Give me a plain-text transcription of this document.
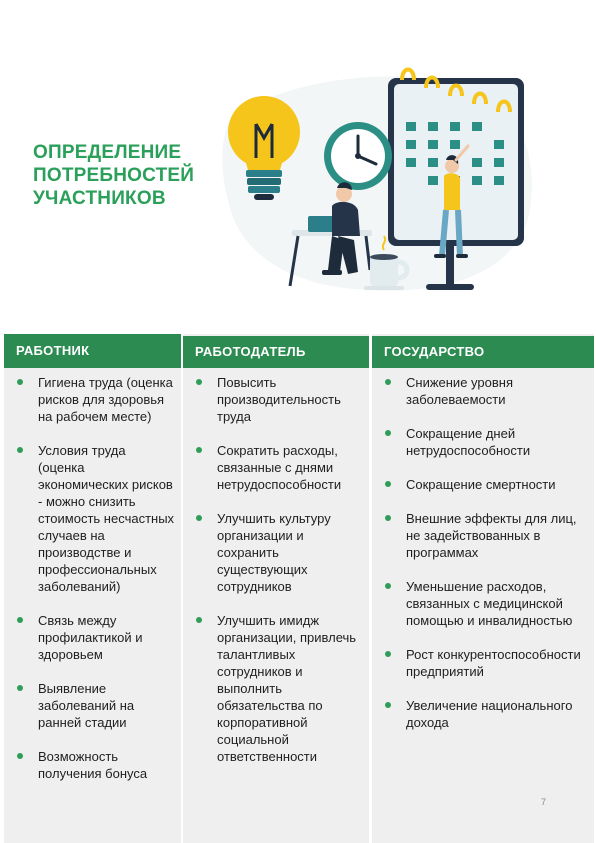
ОПРЕДЕЛЕНИЕ
ПОТРЕБНОСТЕЙ
УЧАСТНИКОВ
РАБОТНИК
Гигиена труда (оценка рисков для здоровья на рабочем месте)
Условия труда (оценка экономических рисков - можно снизить стоимость несчастных случаев на производстве и профессиональных заболеваний)
Связь между профилактикой и здоровьем
Выявление заболеваний на ранней стадии
Возможность получения бонуса
РАБОТОДАТЕЛЬ
Повысить производительность труда
Сократить расходы, связанные с днями нетрудоспособности
Улучшить культуру организации и сохранить существующих сотрудников
Улучшить имидж организации, привлечь талантливых сотрудников и выполнить обязательства по корпоративной социальной ответственности
ГОСУДАРСТВО
Снижение уровня заболеваемости
Сокращение дней нетрудоспособности
Сокращение смертности
Внешние эффекты для лиц, не задействованных в программах
Уменьшение расходов, связанных с медицинской помощью и инвалидностью
Рост конкурентоспособности предприятий
Увеличение национального дохода
7
